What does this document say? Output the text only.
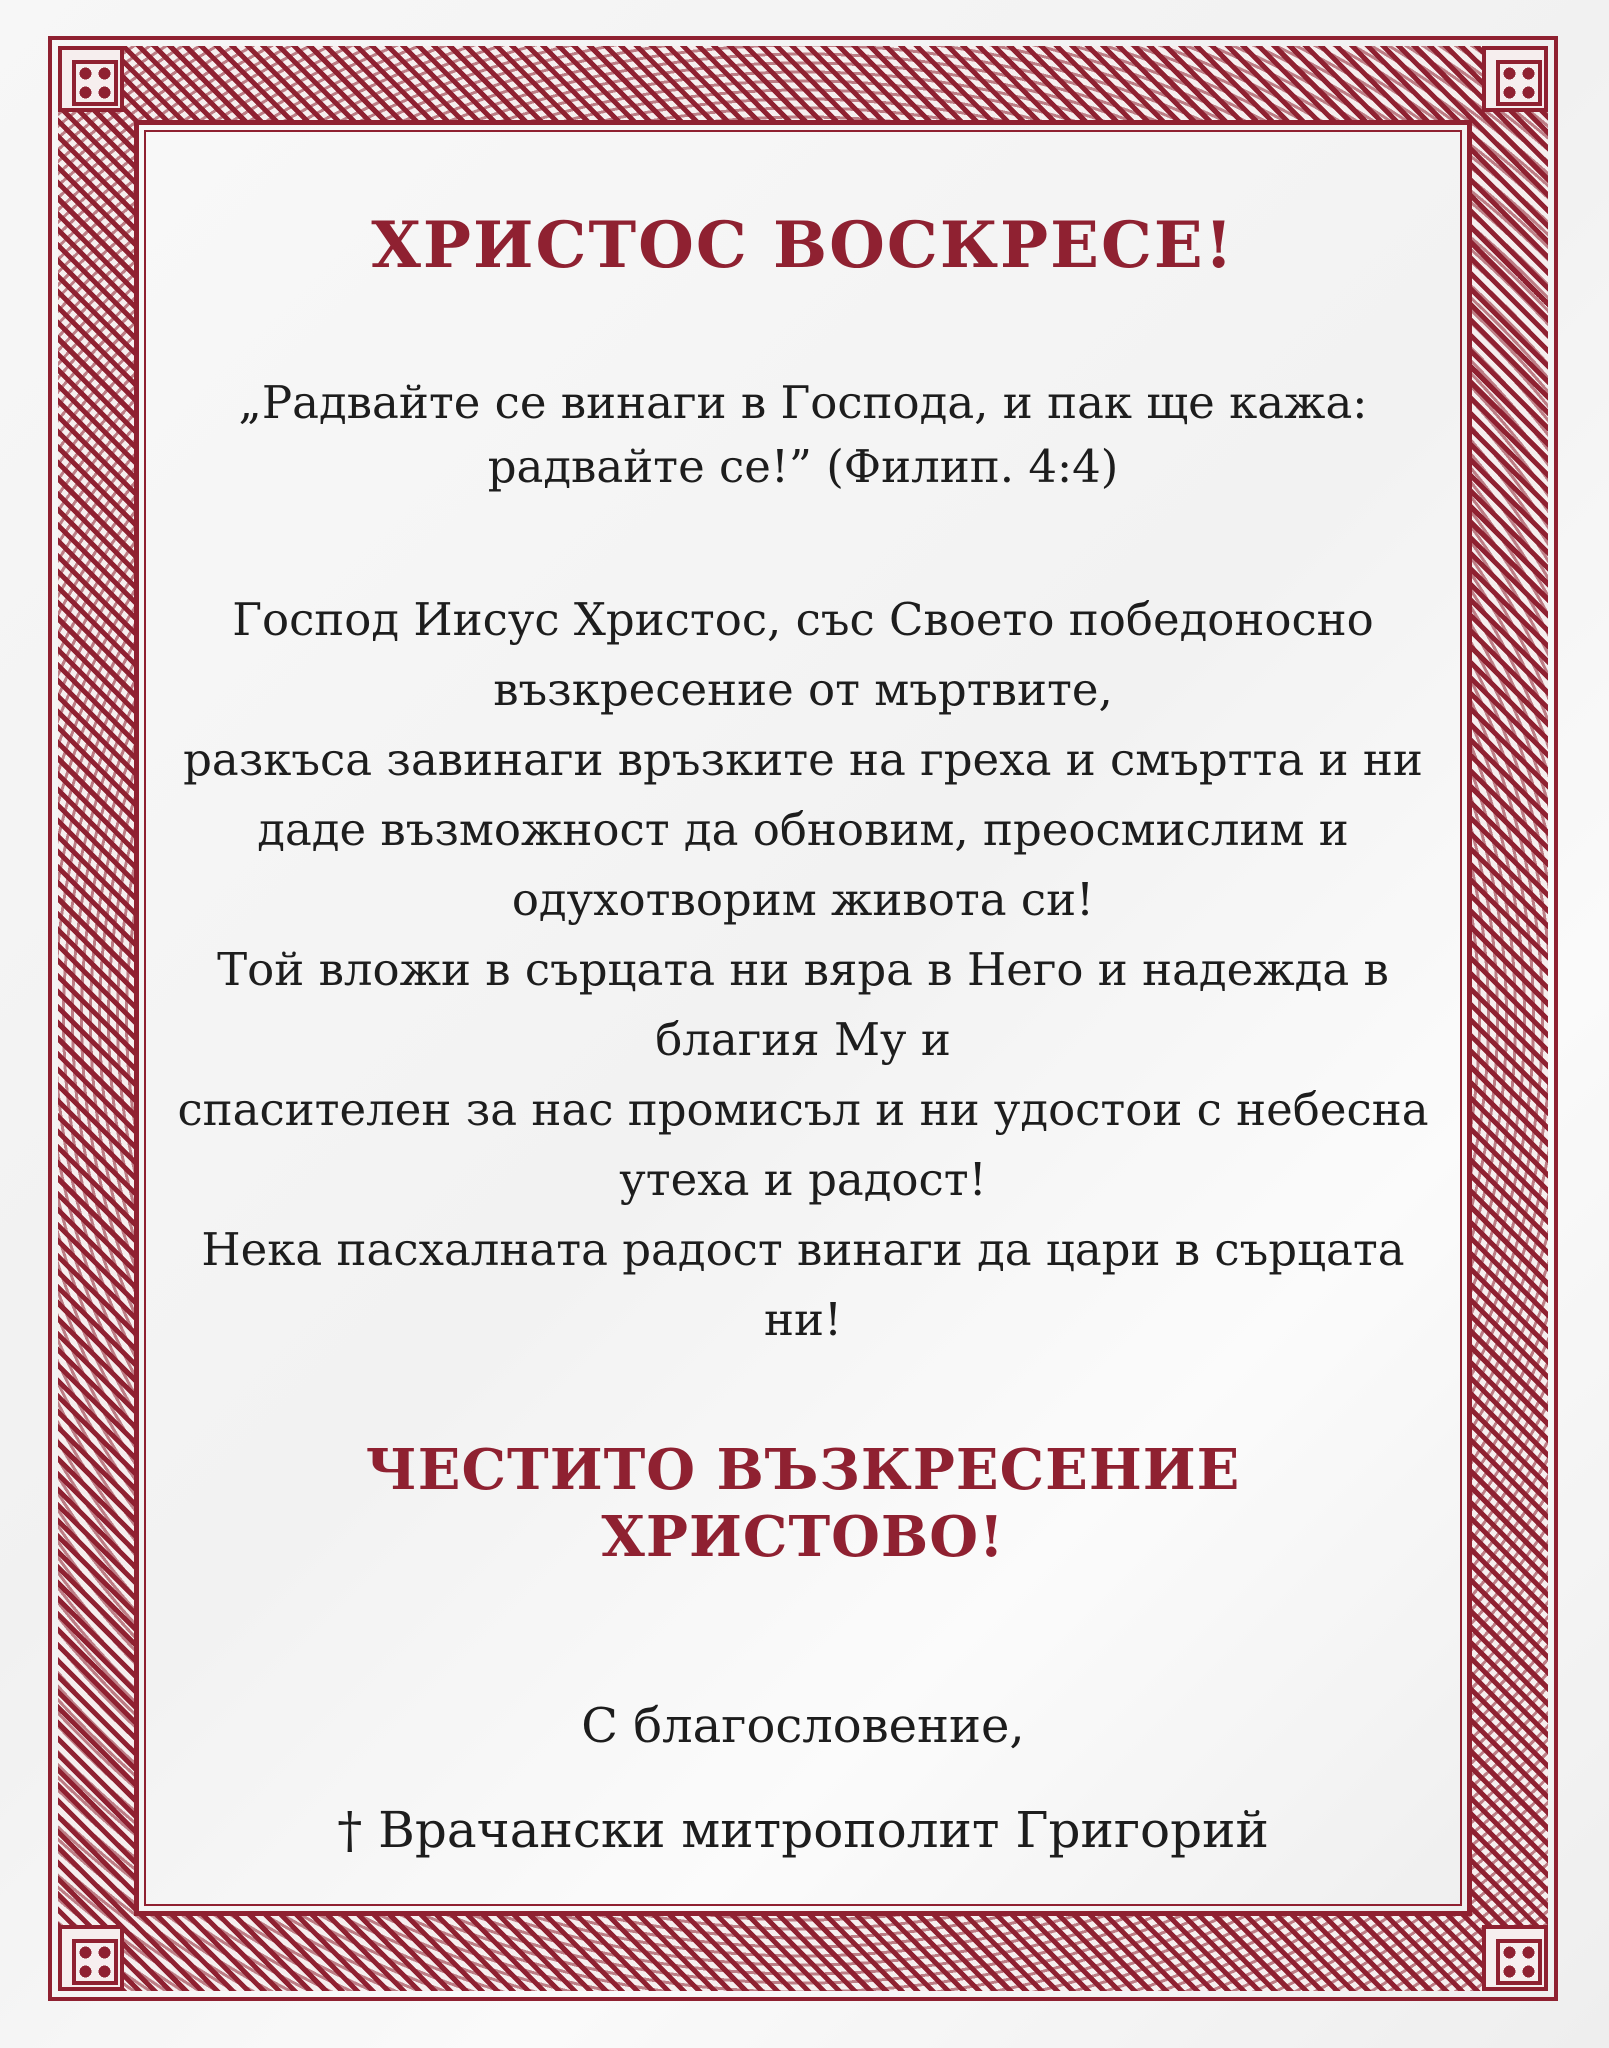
ХРИСТОС ВОСКРЕСЕ!
„Радвайте се винаги в Господа, и пак ще кажа:
радвайте се!” (Филип. 4:4)

Господ Иисус Христос, със Своето победоносно

възкресение от мъртвите,

разкъса завинаги връзките на греха и смъртта и ни

даде възможност да обновим, преосмислим и

одухотворим живота си!

Той вложи в сърцата ни вяра в Него и надежда в

благия Му и

спасителен за нас промисъл и ни удостои с небесна

утеха и радост!

Нека пасхалната радост винаги да цари в сърцата ни!

ЧЕСТИТО ВЪЗКРЕСЕНИЕ ХРИСТОВО!
С благословение,
† Врачански митрополит Григорий
